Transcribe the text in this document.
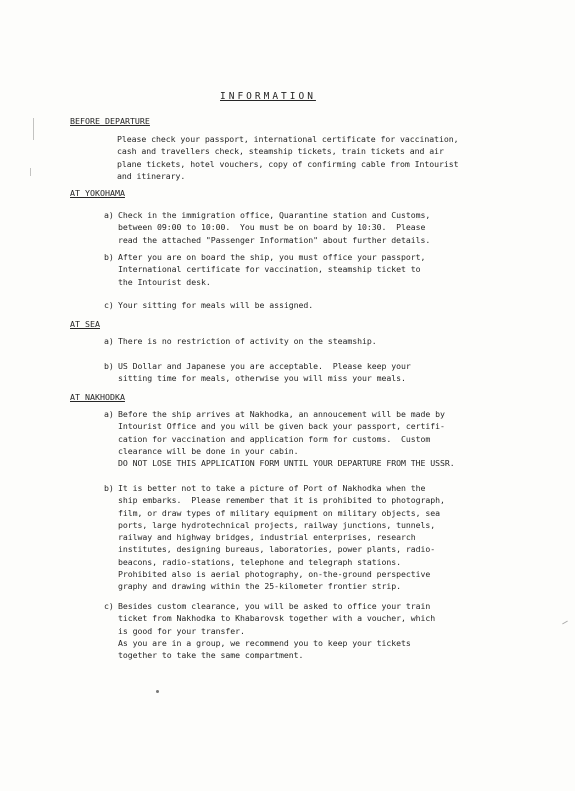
INFORMATION
BEFORE DEPARTURE
Please check your passport, international certificate for vaccination,
cash and travellers check, steamship tickets, train tickets and air
plane tickets, hotel vouchers, copy of confirming cable from Intourist
and itinerary.
AT YOKOHAMA
a) Check in the immigration office, Quarantine station and Customs,
between 09:00 to 10:00.  You must be on board by 10:30.  Please
read the attached "Passenger Information" about further details.
b) After you are on board the ship, you must office your passport,
International certificate for vaccination, steamship ticket to
the Intourist desk.
c) Your sitting for meals will be assigned.
AT SEA
a) There is no restriction of activity on the steamship.
b) US Dollar and Japanese you are acceptable.  Please keep your
sitting time for meals, otherwise you will miss your meals.
AT NAKHODKA
a) Before the ship arrives at Nakhodka, an annoucement will be made by
Intourist Office and you will be given back your passport, certifi-
cation for vaccination and application form for customs.  Custom
clearance will be done in your cabin.
DO NOT LOSE THIS APPLICATION FORM UNTIL YOUR DEPARTURE FROM THE USSR.
b) It is better not to take a picture of Port of Nakhodka when the
ship embarks.  Please remember that it is prohibited to photograph,
film, or draw types of military equipment on military objects, sea
ports, large hydrotechnical projects, railway junctions, tunnels,
railway and highway bridges, industrial enterprises, research
institutes, designing bureaus, laboratories, power plants, radio-
beacons, radio-stations, telephone and telegraph stations.
Prohibited also is aerial photography, on-the-ground perspective
graphy and drawing within the 25-kilometer frontier strip.
c) Besides custom clearance, you will be asked to office your train
ticket from Nakhodka to Khabarovsk together with a voucher, which
is good for your transfer.
As you are in a group, we recommend you to keep your tickets
together to take the same compartment.
